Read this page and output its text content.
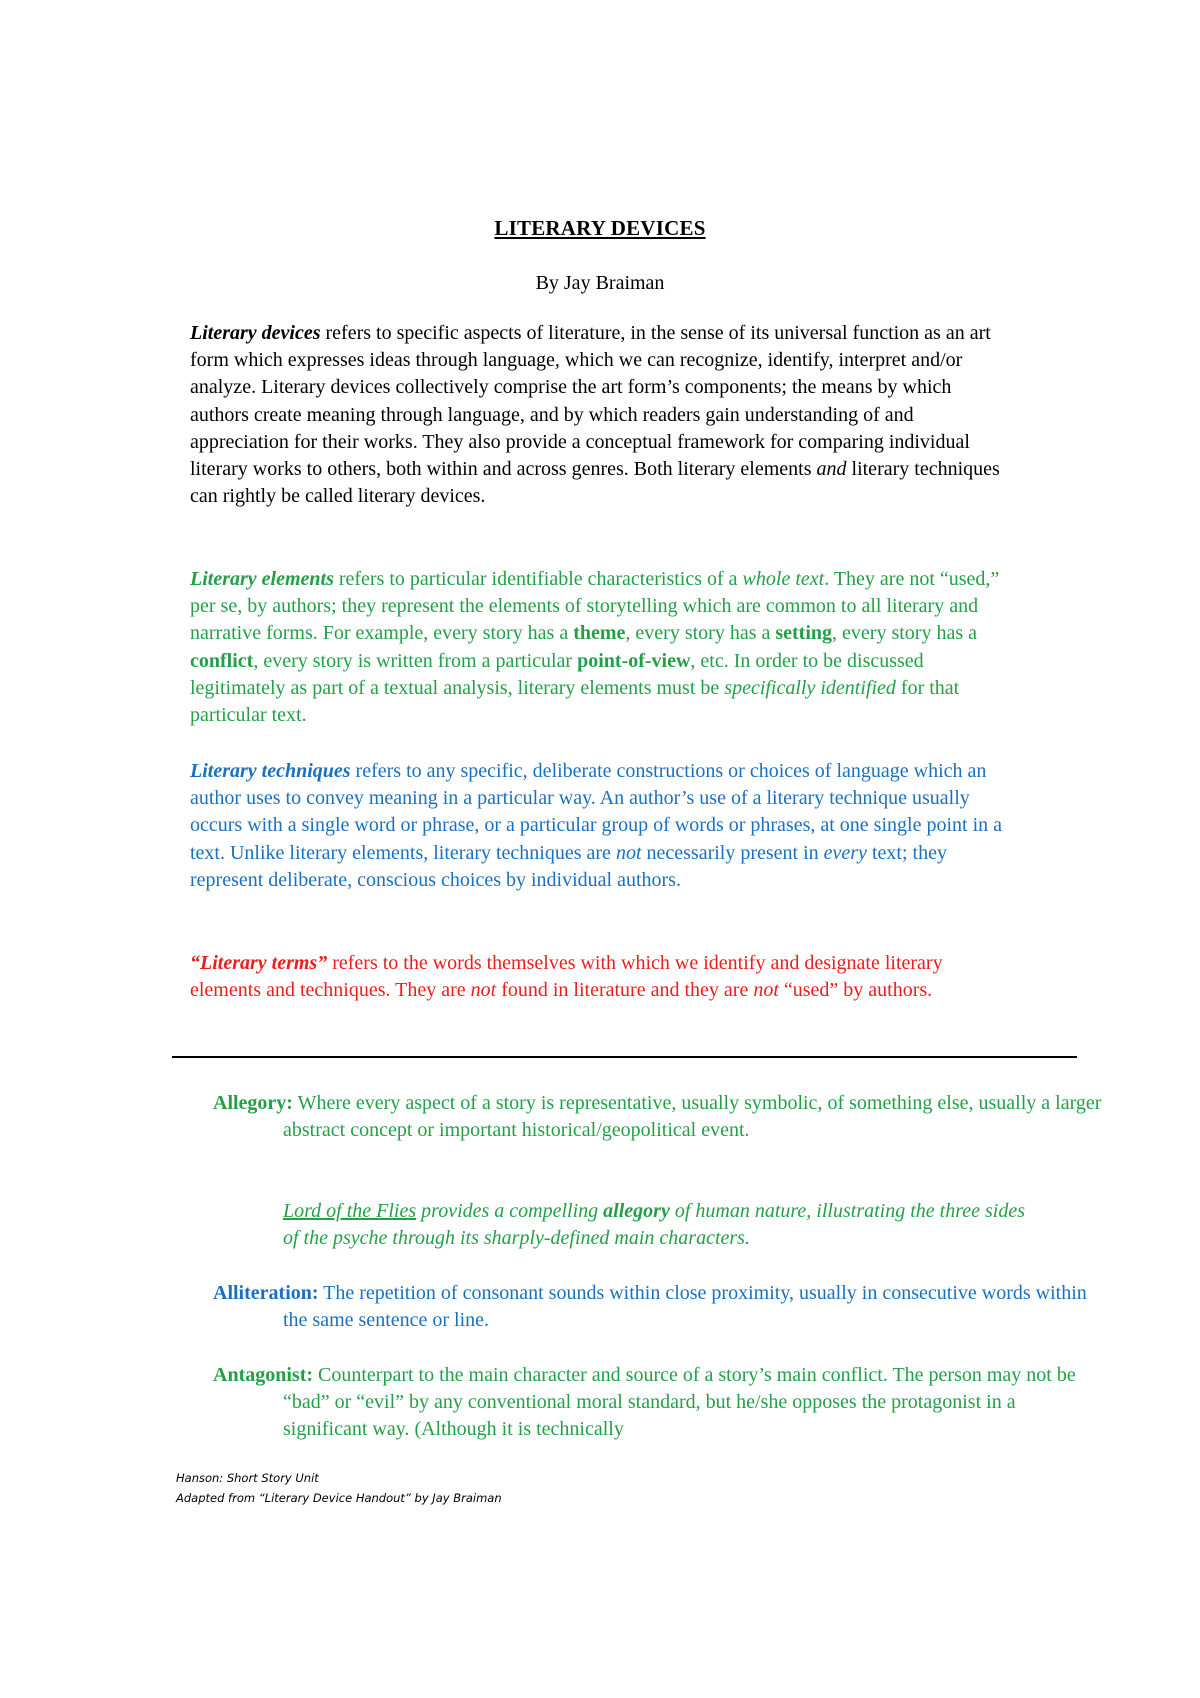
LITERARY DEVICES
By Jay Braiman

Literary devices refers to specific aspects of literature, in the sense of its universal function as an art form which expresses ideas through language, which we can recognize, identify, interpret and/or analyze. Literary devices collectively comprise the art form’s components; the means by which authors create meaning through language, and by which readers gain understanding of and appreciation for their works. They also provide a conceptual framework for comparing individual literary works to others, both within and across genres. Both literary elements and literary techniques can rightly be called literary devices.

Literary elements refers to particular identifiable characteristics of a whole text. They are not “used,” per se, by authors; they represent the elements of storytelling which are common to all literary and narrative forms. For example, every story has a theme, every story has a setting, every story has a conflict, every story is written from a particular point-of-view, etc. In order to be discussed legitimately as part of a textual analysis, literary elements must be specifically identified for that particular text.

Literary techniques refers to any specific, deliberate constructions or choices of language which an author uses to convey meaning in a particular way. An author’s use of a literary technique usually occurs with a single word or phrase, or a particular group of words or phrases, at one single point in a text. Unlike literary elements, literary techniques are not necessarily present in every text; they represent deliberate, conscious choices by individual authors.

“Literary terms” refers to the words themselves with which we identify and designate literary elements and techniques. They are not found in literature and they are not “used” by authors.

Allegory: Where every aspect of a story is representative, usually symbolic, of something else, usually a larger abstract concept or important historical/geopolitical event.

Lord of the Flies provides a compelling allegory of human nature, illustrating the three sides of the psyche through its sharply-defined main characters.

Alliteration: The repetition of consonant sounds within close proximity, usually in consecutive words within the same sentence or line.

Antagonist: Counterpart to the main character and source of a story’s main conflict. The person may not be “bad” or “evil” by any conventional moral standard, but he/she opposes the protagonist in a significant way. (Although it is technically

Hanson: Short Story Unit
Adapted from “Literary Device Handout” by Jay Braiman
